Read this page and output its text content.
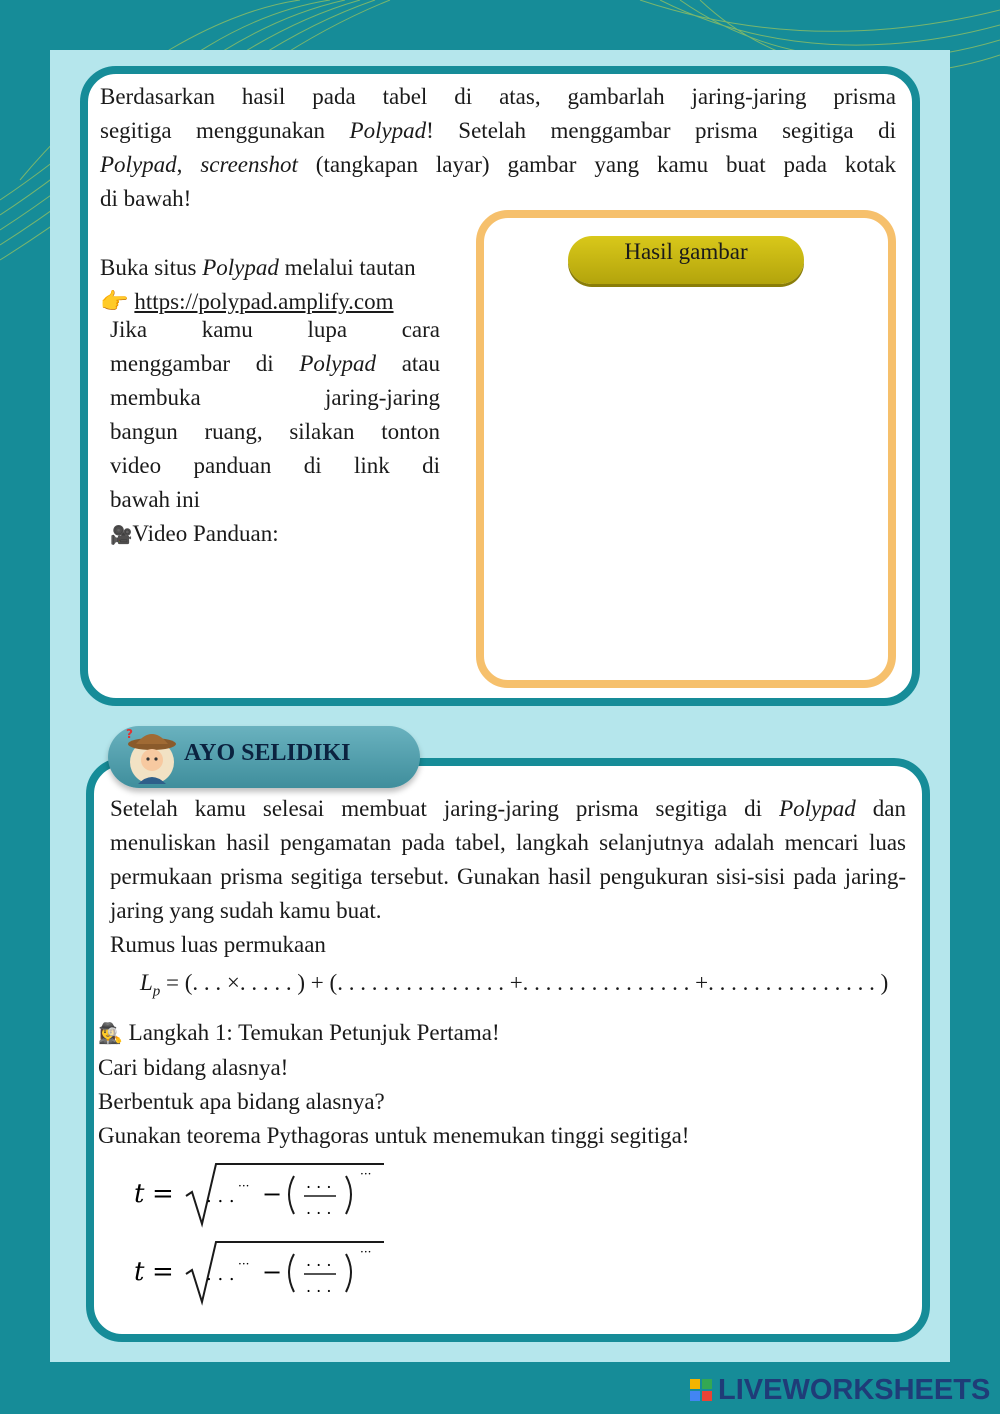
Berdasarkan hasil pada tabel di atas, gambarlah jaring-jaring prisma
segitiga menggunakan Polypad! Setelah menggambar prisma segitiga di
Polypad, screenshot (tangkapan layar) gambar yang kamu buat pada kotak
di bawah!
Buka situs Polypad melalui tautan
👉 https://polypad.amplify.com
Jika kamu lupa cara
menggambar di Polypad atau
membuka jaring-jaring
bangun ruang, silakan tonton
video panduan di link di
bawah ini
🎥Video Panduan:
Hasil gambar
?
AYO SELIDIKI
Setelah kamu selesai membuat jaring-jaring prisma segitiga di Polypad dan menuliskan hasil pengamatan pada tabel, langkah selanjutnya adalah mencari luas permukaan prisma segitiga tersebut. Gunakan hasil pengukuran sisi-sisi pada jaring-jaring yang sudah kamu buat.
Rumus luas permukaan
$L_p$ = (. . . ×. . . . . ) + (. . . . . . . . . . . . . . . +. . . . . . . . . . . . . . . +. . . . . . . . . . . . . . . )
🕵️‍♀️ Langkah 1: Temukan Petunjuk Pertama!
Cari bidang alasnya!
Berbentuk apa bidang alasnya?
Gunakan teorema Pythagoras untuk menemukan tinggi segitiga!
t = . . . ··· − . . .
. . .
···
t = . . . ··· − . . .
. . .
···
LIVEWORKSHEETS
